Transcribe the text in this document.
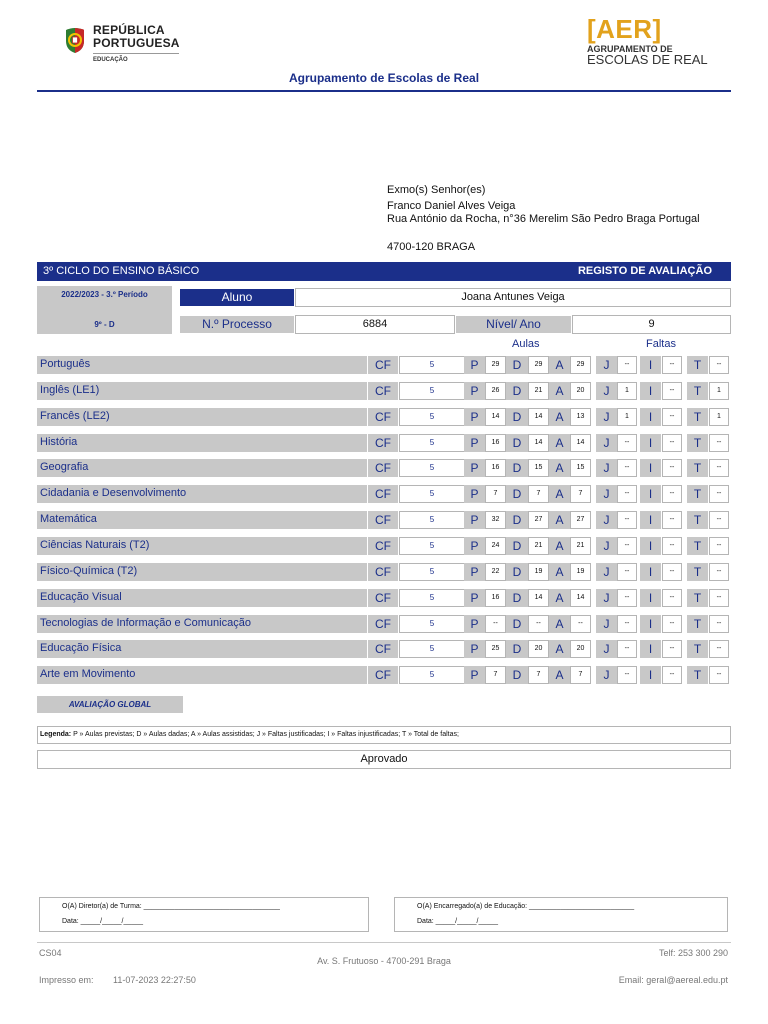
REPÚBLICA
PORTUGUESA
EDUCAÇÃO
[AER]
AGRUPAMENTO DE
ESCOLAS DE REAL
Agrupamento de Escolas de Real
Exmo(s) Senhor(es)
Franco Daniel Alves Veiga
Rua António da Rocha, n°36 Merelim São Pedro Braga Portugal
4700-120 BRAGA
3º CICLO DO ENSINO BÁSICO	REGISTO DE AVALIAÇÃO
2022/2023 - 3.º Período
9º - D
Aluno	Joana Antunes Veiga
N.º Processo	6884	Nível/ Ano	9
Aulas	Faltas
Português	CF	5	P	29	D	29	A	29	J	--	I	--	T	--
Inglês (LE1)	CF	5	P	26	D	21	A	20	J	1	I	--	T	1
Francês (LE2)	CF	5	P	14	D	14	A	13	J	1	I	--	T	1
História	CF	5	P	16	D	14	A	14	J	--	I	--	T	--
Geografia	CF	5	P	16	D	15	A	15	J	--	I	--	T	--
Cidadania e Desenvolvimento	CF	5	P	7	D	7	A	7	J	--	I	--	T	--
Matemática	CF	5	P	32	D	27	A	27	J	--	I	--	T	--
Ciências Naturais (T2)	CF	5	P	24	D	21	A	21	J	--	I	--	T	--
Físico-Química (T2)	CF	5	P	22	D	19	A	19	J	--	I	--	T	--
Educação Visual	CF	5	P	16	D	14	A	14	J	--	I	--	T	--
Tecnologias de Informação e Comunicação	CF	5	P	--	D	--	A	--	J	--	I	--	T	--
Educação Física	CF	5	P	25	D	20	A	20	J	--	I	--	T	--
Arte em Movimento	CF	5	P	7	D	7	A	7	J	--	I	--	T	--
AVALIAÇÃO GLOBAL
Legenda: P » Aulas previstas; D » Aulas dadas; A » Aulas assistidas; J » Faltas justificadas; I » Faltas injustificadas; T » Total de faltas;
Aprovado
O(A) Diretor(a) de Turma: ___________________________________
Data: _____/_____/_____
O(A) Encarregado(a) de Educação: ___________________________
Data: _____/_____/_____
CS04	Telf: 253 300 290
Av. S. Frutuoso - 4700-291 Braga
Impresso em: 11-07-2023 22:27:50	Email: geral@aereal.edu.pt
